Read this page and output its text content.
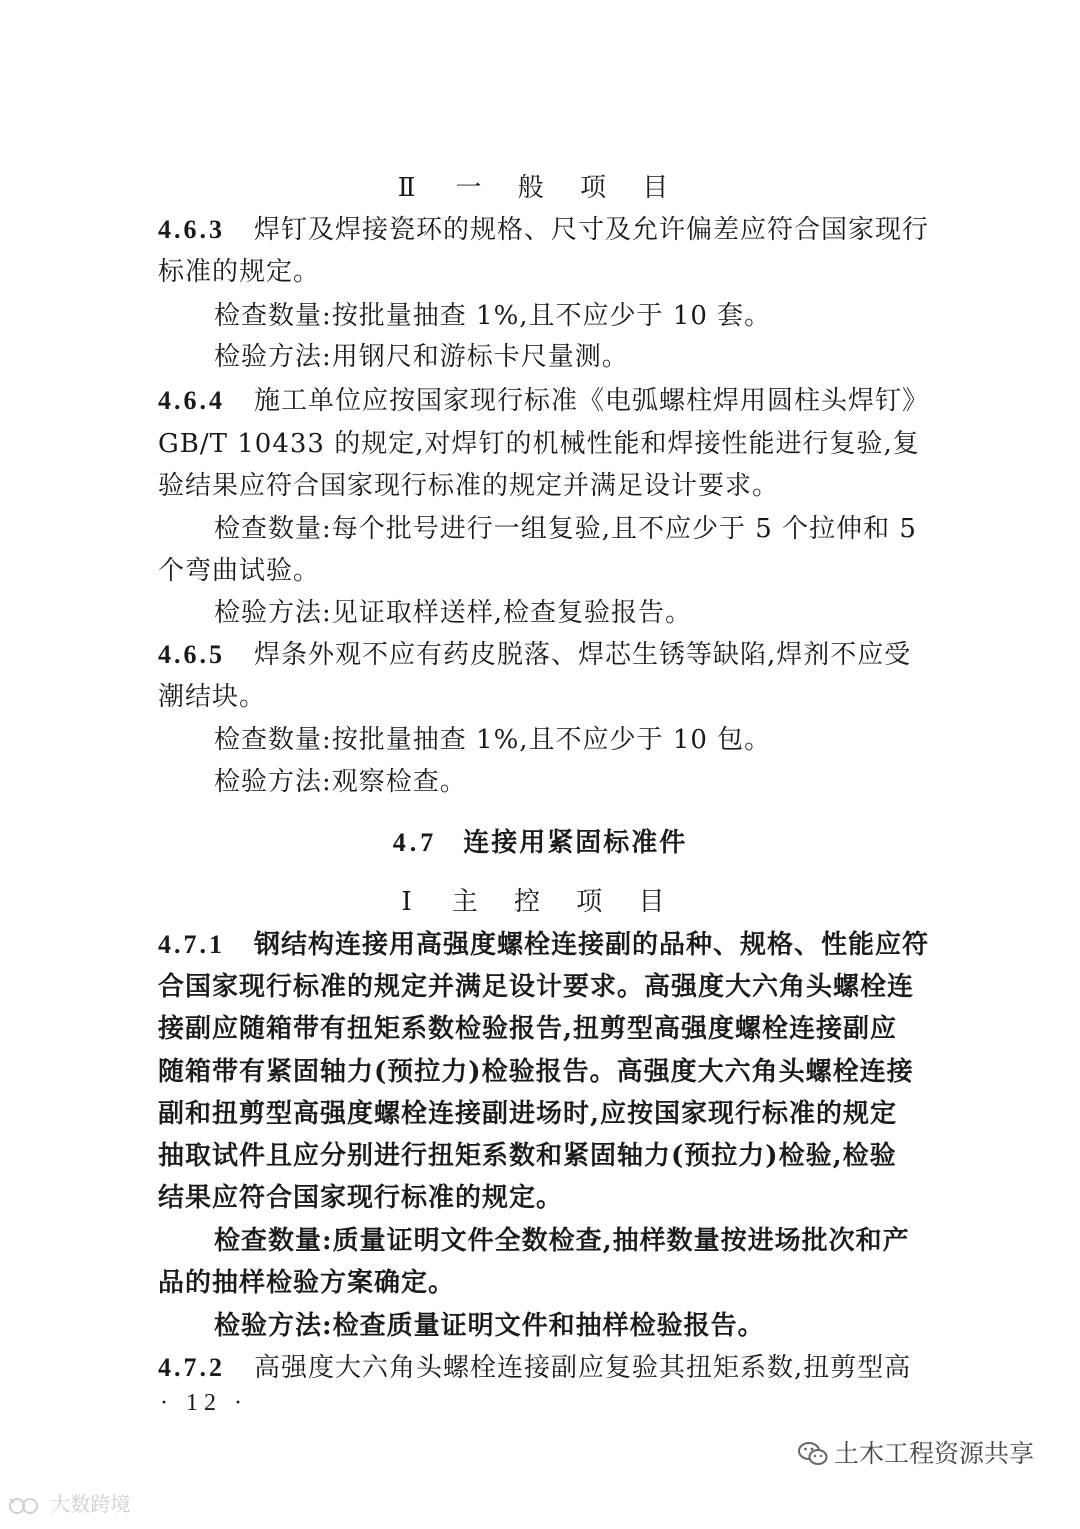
Ⅱ 一 般 项 目
4.6.3 焊钉及焊接瓷环的规格、尺寸及允许偏差应符合国家现行
标准的规定。
检查数量:按批量抽查 1%,且不应少于 10 套。
检验方法:用钢尺和游标卡尺量测。
4.6.4 施工单位应按国家现行标准《电弧螺柱焊用圆柱头焊钉》
GB/T 10433 的规定,对焊钉的机械性能和焊接性能进行复验,复
验结果应符合国家现行标准的规定并满足设计要求。
检查数量:每个批号进行一组复验,且不应少于 5 个拉伸和 5
个弯曲试验。
检验方法:见证取样送样,检查复验报告。
4.6.5 焊条外观不应有药皮脱落、焊芯生锈等缺陷,焊剂不应受
潮结块。
检查数量:按批量抽查 1%,且不应少于 10 包。
检验方法:观察检查。
4.7 连接用紧固标准件
Ⅰ 主 控 项 目
4.7.1 钢结构连接用高强度螺栓连接副的品种、规格、性能应符
合国家现行标准的规定并满足设计要求。高强度大六角头螺栓连
接副应随箱带有扭矩系数检验报告,扭剪型高强度螺栓连接副应
随箱带有紧固轴力(预拉力)检验报告。高强度大六角头螺栓连接
副和扭剪型高强度螺栓连接副进场时,应按国家现行标准的规定
抽取试件且应分别进行扭矩系数和紧固轴力(预拉力)检验,检验
结果应符合国家现行标准的规定。
检查数量:质量证明文件全数检查,抽样数量按进场批次和产
品的抽样检验方案确定。
检验方法:检查质量证明文件和抽样检验报告。
4.7.2 高强度大六角头螺栓连接副应复验其扭矩系数,扭剪型高
· 12 ·
大数跨境
土木工程资源共享
